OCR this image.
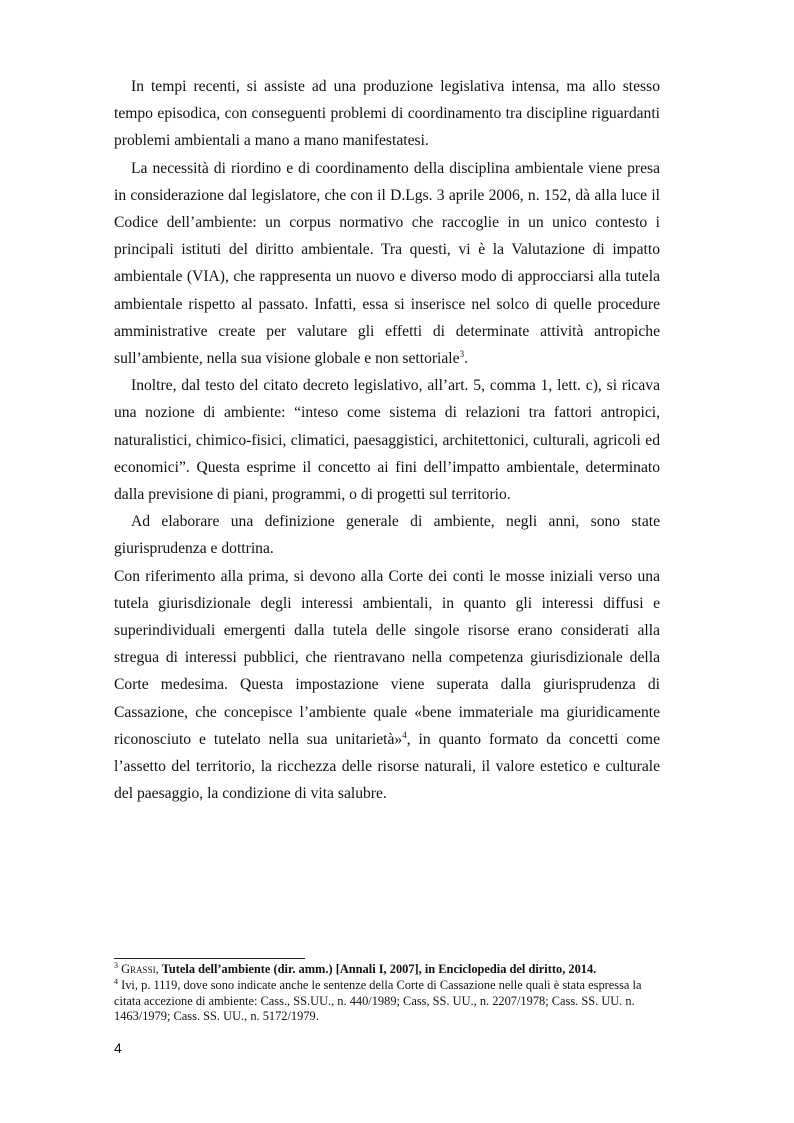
In tempi recenti, si assiste ad una produzione legislativa intensa, ma allo stesso tempo episodica, con conseguenti problemi di coordinamento tra discipline riguardanti problemi ambientali a mano a mano manifestatesi.

La necessità di riordino e di coordinamento della disciplina ambientale viene presa in considerazione dal legislatore, che con il D.Lgs. 3 aprile 2006, n. 152, dà alla luce il Codice dell’ambiente: un corpus normativo che raccoglie in un unico contesto i principali istituti del diritto ambientale. Tra questi, vi è la Valutazione di impatto ambientale (VIA), che rappresenta un nuovo e diverso modo di approcciarsi alla tutela ambientale rispetto al passato. Infatti, essa si inserisce nel solco di quelle procedure amministrative create per valutare gli effetti di determinate attività antropiche sull’ambiente, nella sua visione globale e non settoriale$^3$.

Inoltre, dal testo del citato decreto legislativo, all’art. 5, comma 1, lett. c), si ricava una nozione di ambiente: “inteso come sistema di relazioni tra fattori antropici, naturalistici, chimico-fisici, climatici, paesaggistici, architettonici, culturali, agricoli ed economici”. Questa esprime il concetto ai fini dell’impatto ambientale, determinato dalla previsione di piani, programmi, o di progetti sul territorio.

Ad elaborare una definizione generale di ambiente, negli anni, sono state giurisprudenza e dottrina.

Con riferimento alla prima, si devono alla Corte dei conti le mosse iniziali verso una tutela giurisdizionale degli interessi ambientali, in quanto gli interessi diffusi e superindividuali emergenti dalla tutela delle singole risorse erano considerati alla stregua di interessi pubblici, che rientravano nella competenza giurisdizionale della Corte medesima. Questa impostazione viene superata dalla giurisprudenza di Cassazione, che concepisce l’ambiente quale «bene immateriale ma giuridicamente riconosciuto e tutelato nella sua unitarietà»$^4$, in quanto formato da concetti come l’assetto del territorio, la ricchezza delle risorse naturali, il valore estetico e culturale del paesaggio, la condizione di vita salubre.

$^3$ Grassi, Tutela dell’ambiente (dir. amm.) [Annali I, 2007], in Enciclopedia del diritto, 2014.

$^4$ Ivi, p. 1119, dove sono indicate anche le sentenze della Corte di Cassazione nelle quali è stata espressa la citata accezione di ambiente: Cass., SS.UU., n. 440/1989; Cass, SS. UU., n. 2207/1978; Cass. SS. UU. n. 1463/1979; Cass. SS. UU., n. 5172/1979.

4
